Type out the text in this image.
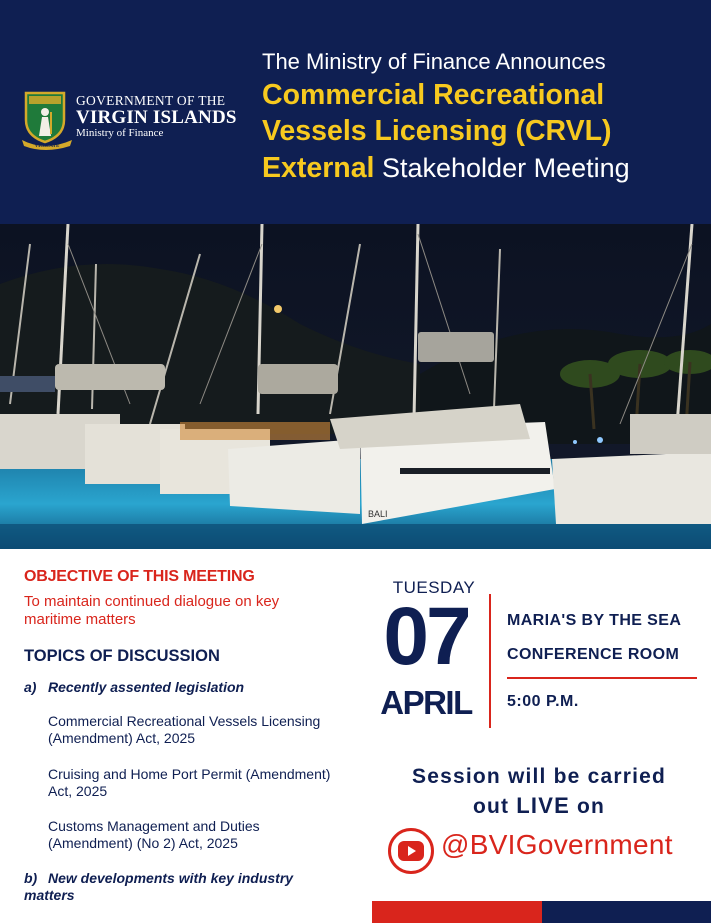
VIGILATE
GOVERNMENT OF THE
VIRGIN ISLANDS
Ministry of Finance
The Ministry of Finance Announces
Commercial Recreational
Vessels Licensing (CRVL)
External Stakeholder Meeting
BALI
OBJECTIVE OF THIS MEETING
To maintain continued dialogue on key maritime matters
TOPICS OF DISCUSSION
a) Recently assented legislation
Commercial Recreational Vessels Licensing (Amendment) Act, 2025
Cruising and Home Port Permit (Amendment) Act, 2025
Customs Management and Duties (Amendment) (No 2) Act, 2025
b) New developments with key industry matters
TUESDAY
07
APRIL
MARIA'S BY THE SEA
CONFERENCE ROOM
5:00 P.M.
Session will be carried
out LIVE on
@BVIGovernment
